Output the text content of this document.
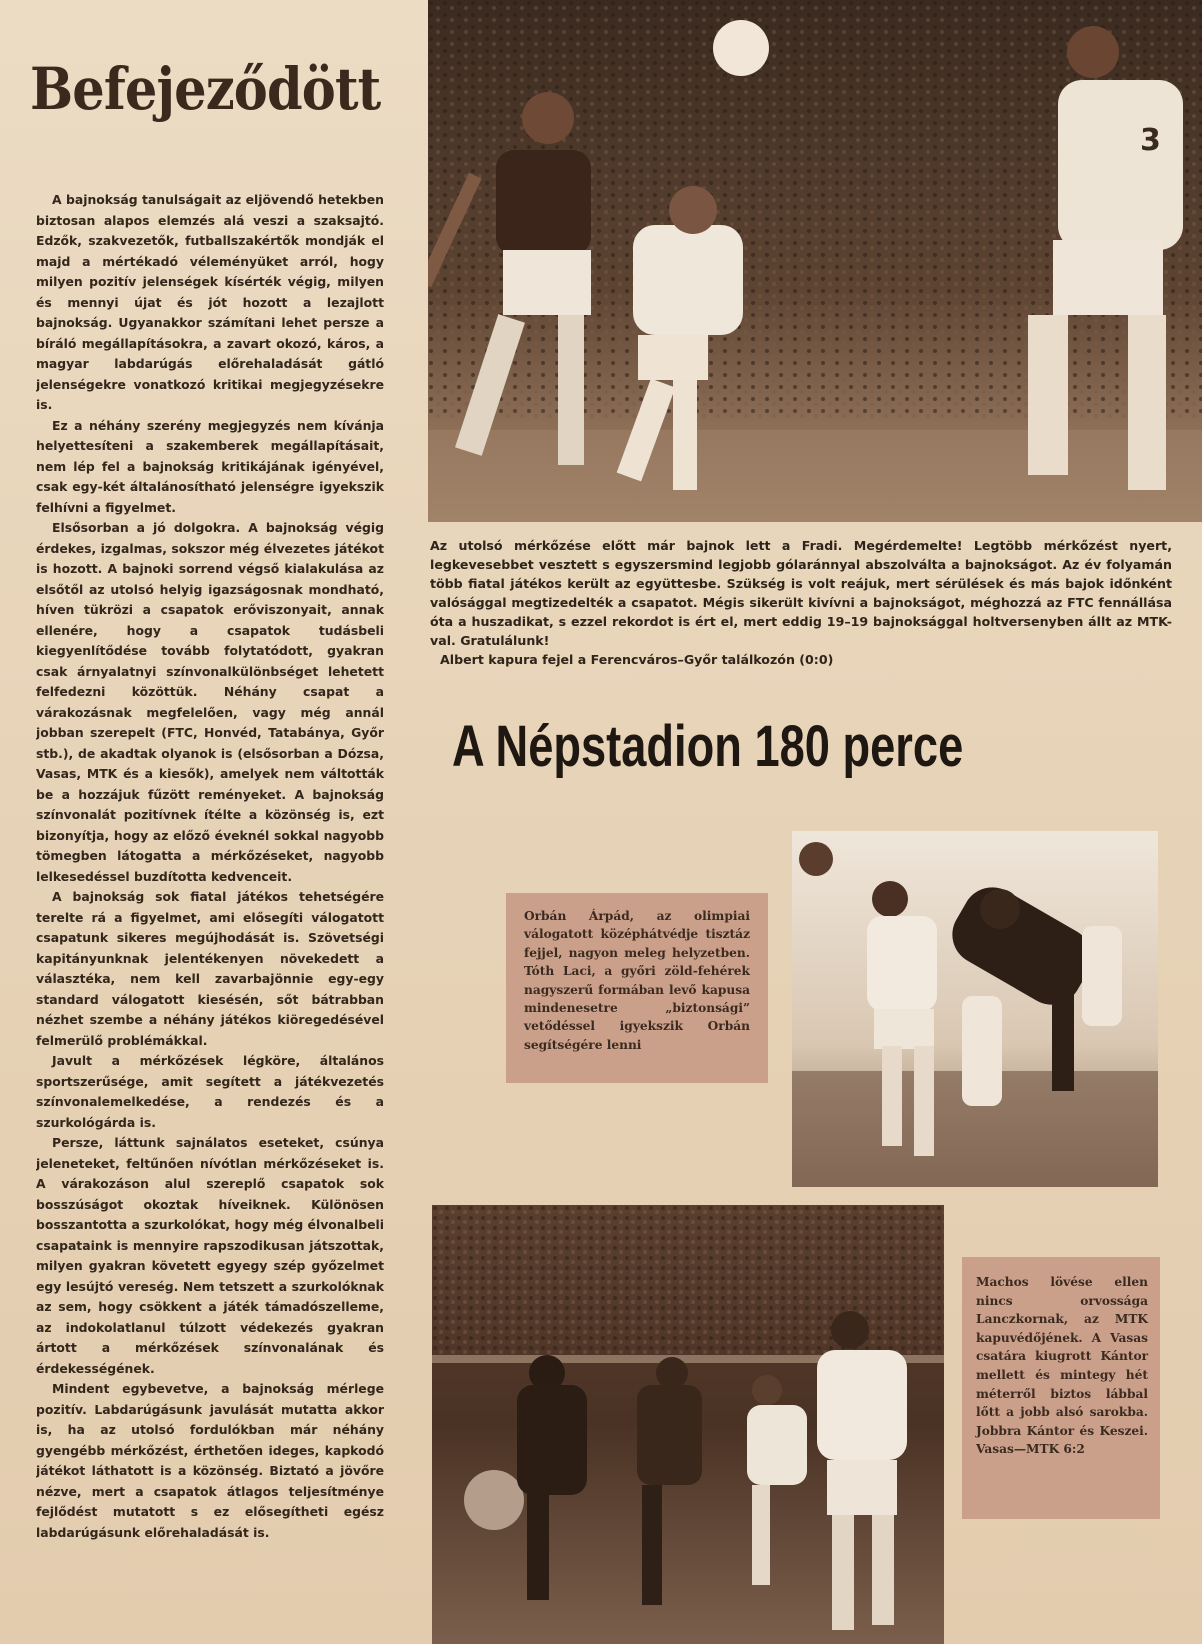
Befejeződött

A bajnokság tanulságait az eljövendő hetekben biztosan alapos elemzés alá veszi a szaksajtó. Edzők, szakvezetők, futballszakértők mondják el majd a mértékadó véleményüket arról, hogy milyen pozitív jelenségek kísérték végig, milyen és mennyi újat és jót hozott a lezajlott bajnokság. Ugyanakkor számítani lehet persze a bíráló megállapításokra, a zavart okozó, káros, a magyar labdarúgás előrehaladását gátló jelenségekre vonatkozó kritikai megjegyzésekre is.

Ez a néhány szerény megjegyzés nem kívánja helyettesíteni a szakemberek megállapításait, nem lép fel a bajnokság kritikájának igényével, csak egy-két általánosítható jelenségre igyekszik felhívni a figyelmet.

Elsősorban a jó dolgokra. A bajnokság végig érdekes, izgalmas, sokszor még élvezetes játékot is hozott. A bajnoki sorrend végső kialakulása az elsőtől az utolsó helyig igazságosnak mondható, híven tükrözi a csapatok erőviszonyait, annak ellenére, hogy a csapatok tudásbeli kiegyenlítődése tovább folytatódott, gyakran csak árnyalatnyi színvonalkülönbséget lehetett felfedezni közöttük. Néhány csapat a várakozásnak megfelelően, vagy még annál jobban szerepelt (FTC, Honvéd, Tatabánya, Győr stb.), de akadtak olyanok is (elsősorban a Dózsa, Vasas, MTK és a kiesők), amelyek nem váltották be a hozzájuk fűzött reményeket. A bajnokság színvonalát pozitívnek ítélte a közönség is, ezt bizonyítja, hogy az előző éveknél sokkal nagyobb tömegben látogatta a mérkőzéseket, nagyobb lelkesedéssel buzdította kedvenceit.

A bajnokság sok fiatal játékos tehetségére terelte rá a figyelmet, ami elősegíti válogatott csapatunk sikeres megújhodását is. Szövetségi kapitányunknak jelentékenyen növekedett a választéka, nem kell zavarbajönnie egy-egy standard válogatott kiesésén, sőt bátrabban nézhet szembe a néhány játékos kiöregedésével felmerülő problémákkal.

Javult a mérkőzések légköre, általános sportszerűsége, amit segített a játékvezetés színvonalemelkedése, a rendezés és a szurkológárda is.

Persze, láttunk sajnálatos eseteket, csúnya jeleneteket, feltűnően nívótlan mérkőzéseket is. A várakozáson alul szereplő csapatok sok bosszúságot okoztak híveiknek. Különösen bosszantotta a szurkolókat, hogy még élvonalbeli csapataink is mennyire rapszodikusan játszottak, milyen gyakran követett egyegy szép győzelmet egy lesújtó vereség. Nem tetszett a szurkolóknak az sem, hogy csökkent a játék támadószelleme, az indokolatlanul túlzott védekezés gyakran ártott a mérkőzések színvonalának és érdekességének.

Mindent egybevetve, a bajnokság mérlege pozitív. Labdarúgásunk javulását mutatta akkor is, ha az utolsó fordulókban már néhány gyengébb mérkőzést, érthetően ideges, kapkodó játékot láthatott is a közönség. Biztató a jövőre nézve, mert a csapatok átlagos teljesítménye fejlődést mutatott s ez elősegítheti egész labdarúgásunk előrehaladását is.

3
Az utolsó mérkőzése előtt már bajnok lett a Fradi. Megérdemelte! Legtöbb mérkőzést nyert, legkevesebbet vesztett s egyszersmind legjobb gólaránnyal abszolválta a bajnokságot. Az év folyamán több fiatal játékos került az együttesbe. Szükség is volt reájuk, mert sérülések és más bajok időnként valósággal megtizedelték a csapatot. Mégis sikerült kivívni a bajnokságot, méghozzá az FTC fennállása óta a huszadikat, s ezzel rekordot is ért el, mert eddig 19–19 bajnoksággal holtversenyben állt az MTK-val. Gratulálunk!
Albert kapura fejel a Ferencváros–Győr találkozón (0:0)
A Népstadion 180 perce
Orbán Árpád, az olimpiai válogatott középhátvédje tisztáz fejjel, nagyon meleg helyzetben. Tóth Laci, a győri zöld-fehérek nagyszerű formában levő kapusa mindenesetre „biztonsági” vetődéssel igyekszik Orbán segítségére lenni
Machos lövése ellen nincs orvossága Lanczkornak, az MTK kapuvédőjének. A Vasas csatára kiugrott Kántor mellett és mintegy hét méterről biztos lábbal lőtt a jobb alsó sarokba. Jobbra Kántor és Keszei. Vasas—MTK 6:2
